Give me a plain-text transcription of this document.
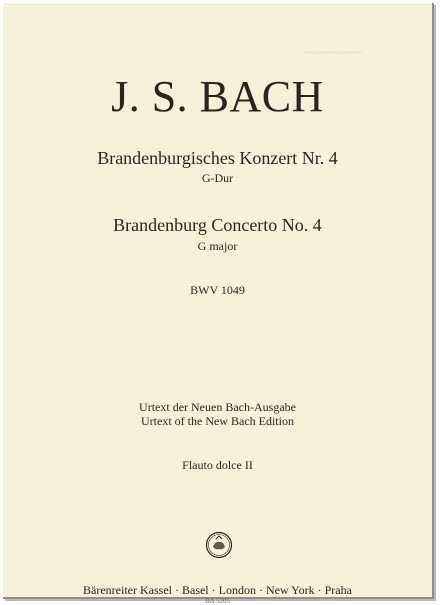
~~~~~~~~~~
J. S. BACH
Brandenburgisches Konzert Nr. 4
G-Dur
Brandenburg Concerto No. 4
G major
BWV 1049
Urtext der Neuen Bach-Ausgabe
Urtext of the New Bach Edition
Flauto dolce II
Bärenreiter Kassel · Basel · London · New York · Praha
BA 5205
